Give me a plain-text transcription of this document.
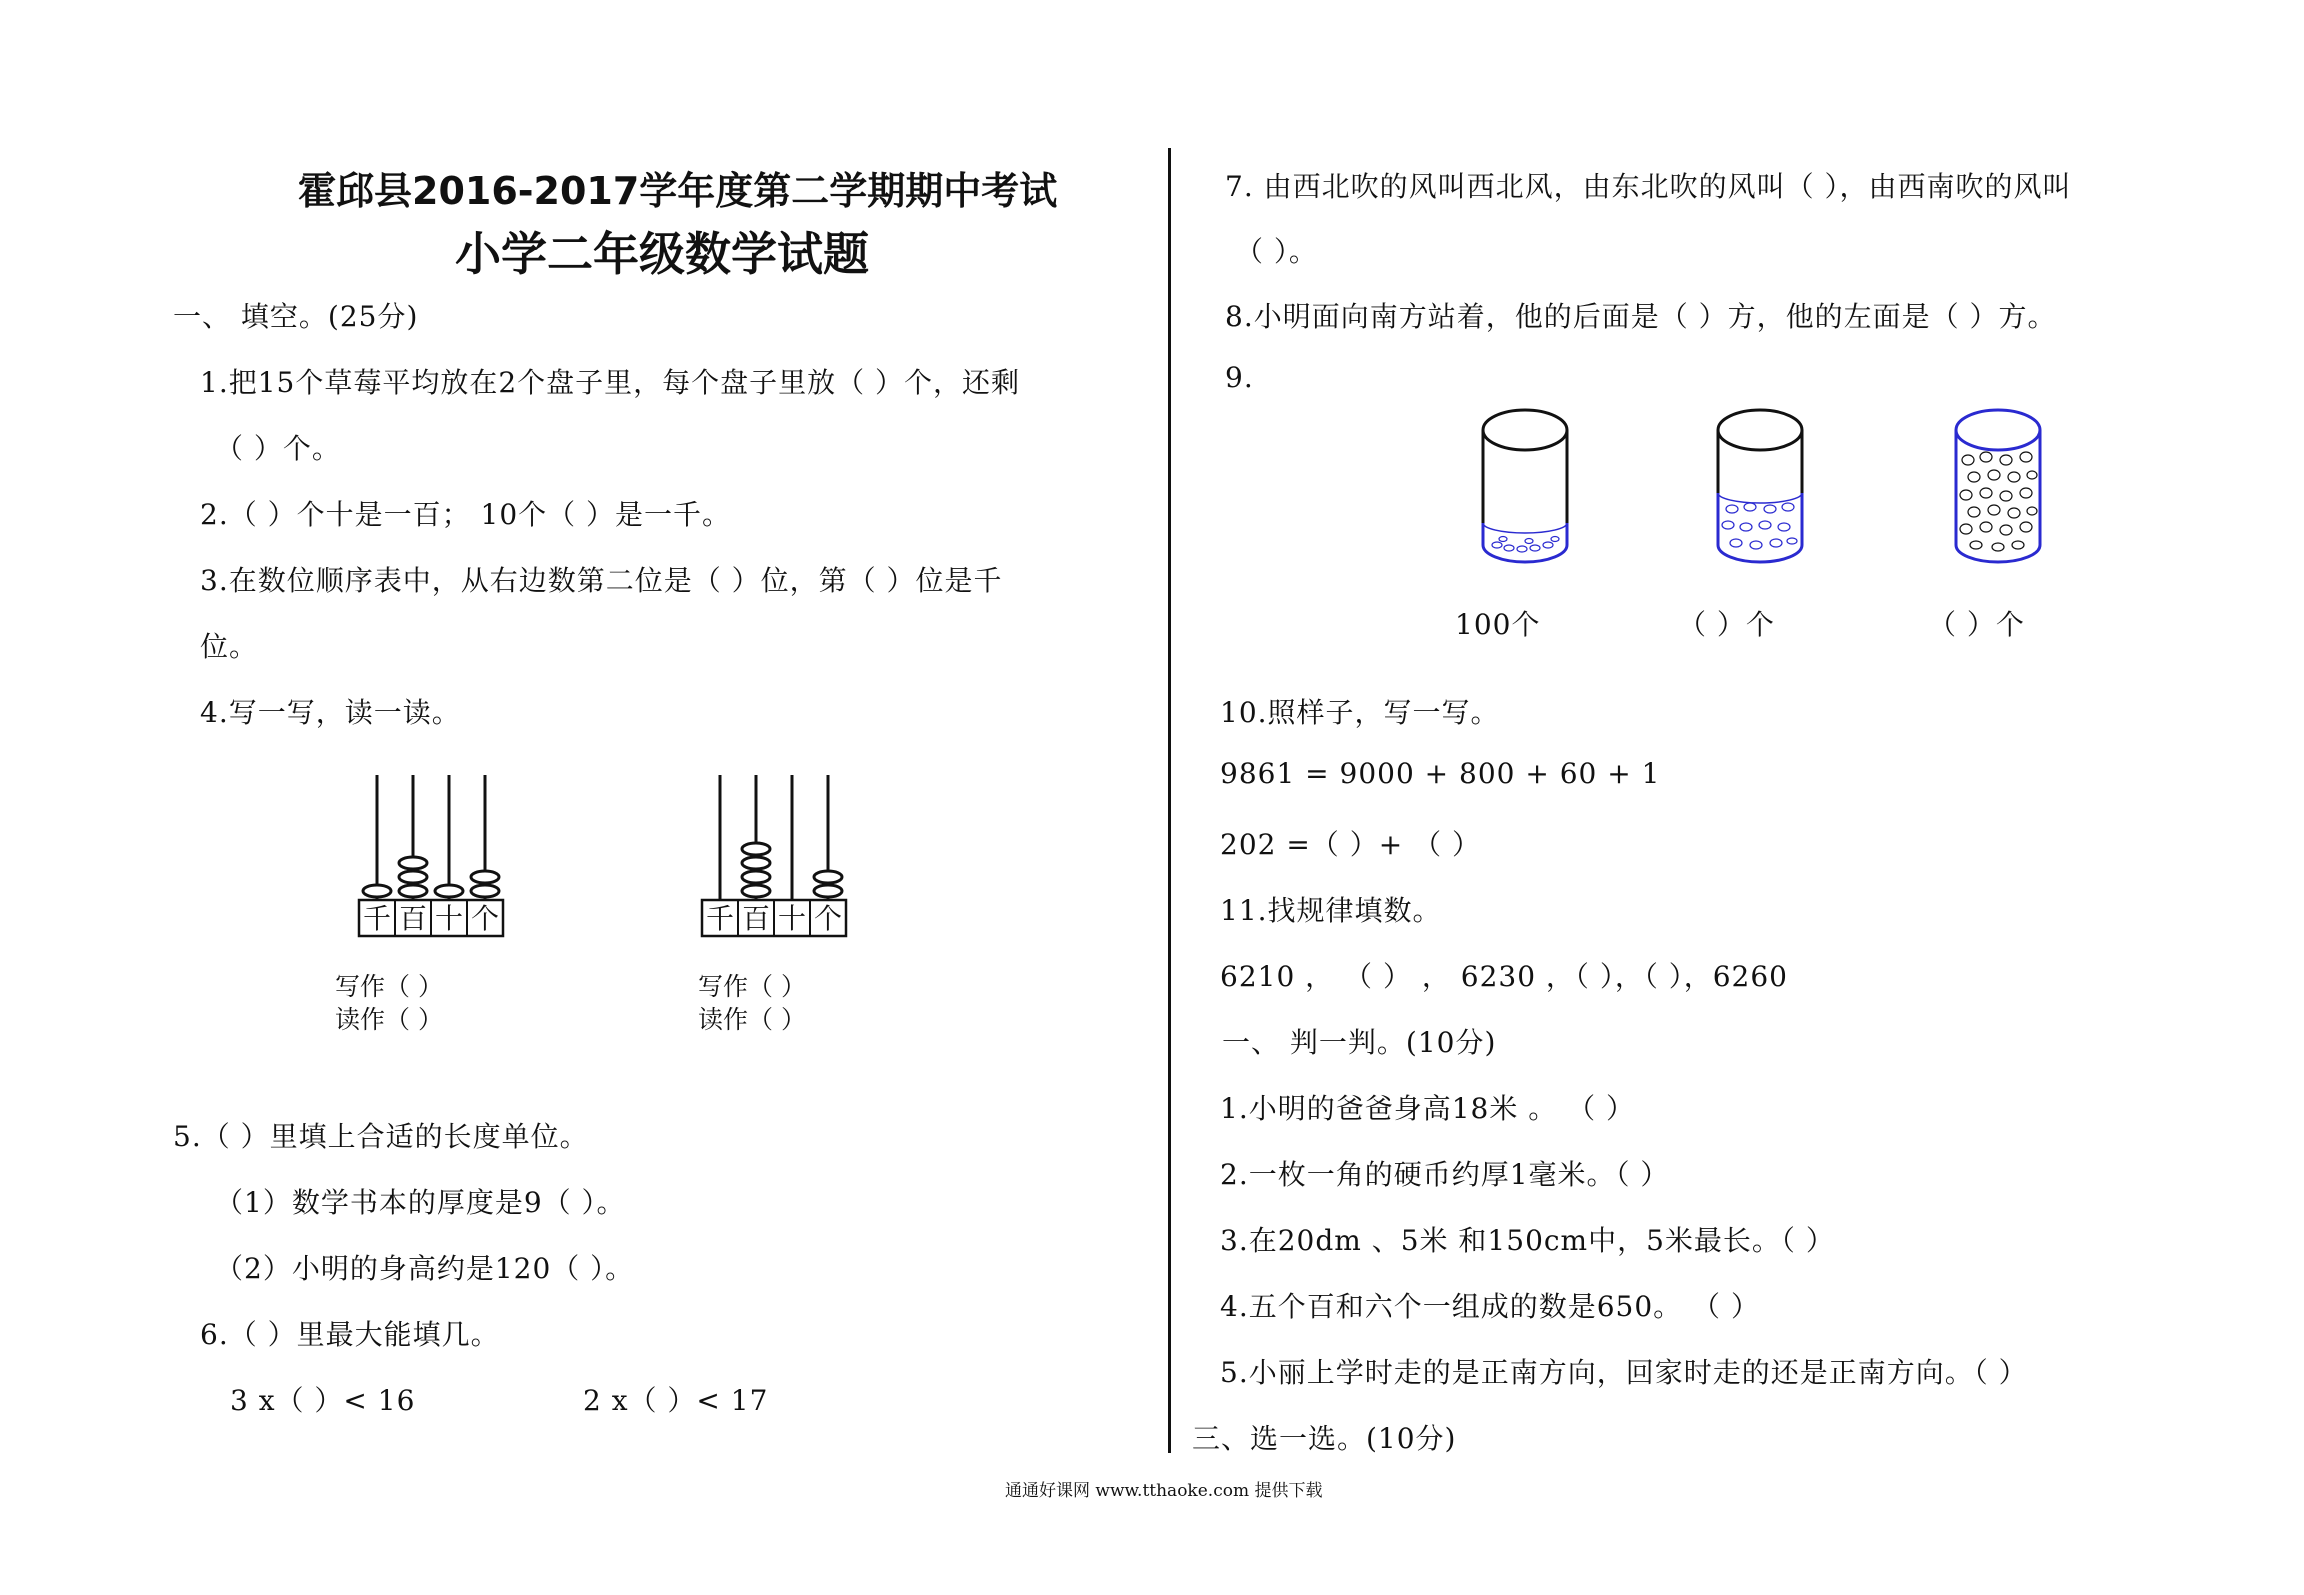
霍邱县2016-2017学年度第二学期期中考试
小学二年级数学试题
一、 填空。(25分)
1.把15个草莓平均放在2个盘子里，每个盘子里放（ ）个，还剩
（ ）个。
2.（ ）个十是一百； 10个（ ）是一千。
3.在数位顺序表中，从右边数第二位是（ ）位，第（ ）位是千
位。
4.写一写，读一读。
千 百 十 个
写作（ ）
读作（ ）
千 百 十 个
写作（ ）
读作（ ）
5.（ ）里填上合适的长度单位。
（1）数学书本的厚度是9（ ）。
（2）小明的身高约是120（ ）。
6.（ ）里最大能填几。
3 x（ ）< 16	2 x（ ）< 17
7. 由西北吹的风叫西北风，由东北吹的风叫（ ），由西南吹的风叫
（ ）。
8.小明面向南方站着，他的后面是（ ）方，他的左面是（ ）方。
9.
100个	（ ）个	（ ）个
10.照样子，写一写。
9861 = 9000 + 800 + 60 + 1
202 =（ ）+ （ ）
11.找规律填数。
6210 ， （ ） ， 6230 ，（ ），（ ），6260
一、 判一判。(10分)
1.小明的爸爸身高18米 。 （ ）
2.一枚一角的硬币约厚1毫米。（ ）
3.在20dm 、5米 和150cm中，5米最长。（ ）
4.五个百和六个一组成的数是650。 （ ）
5.小丽上学时走的是正南方向，回家时走的还是正南方向。（ ）
三、选一选。(10分)
通通好课网 www.tthaoke.com 提供下载
